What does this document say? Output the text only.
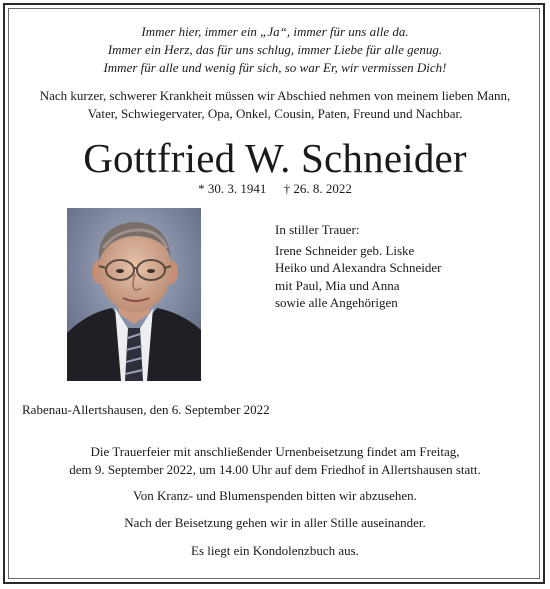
Immer hier, immer ein „Ja“, immer für uns alle da.
Immer ein Herz, das für uns schlug, immer Liebe für alle genug.
Immer für alle und wenig für sich, so war Er, wir vermissen Dich!
Nach kurzer, schwerer Krankheit müssen wir Abschied nehmen von meinem lieben Mann,
Vater, Schwiegervater, Opa, Onkel, Cousin, Paten, Freund und Nachbar.
Gottfried W. Schneider
* 30. 3. 1941 † 26. 8. 2022
In stiller Trauer:
Irene Schneider geb. Liske
Heiko und Alexandra Schneider
mit Paul, Mia und Anna
sowie alle Angehörigen
Rabenau-Allertshausen, den 6. September 2022
Die Trauerfeier mit anschließender Urnenbeisetzung findet am Freitag,
dem 9. September 2022, um 14.00 Uhr auf dem Friedhof in Allertshausen statt.
Von Kranz- und Blumenspenden bitten wir abzusehen.
Nach der Beisetzung gehen wir in aller Stille auseinander.
Es liegt ein Kondolenzbuch aus.
